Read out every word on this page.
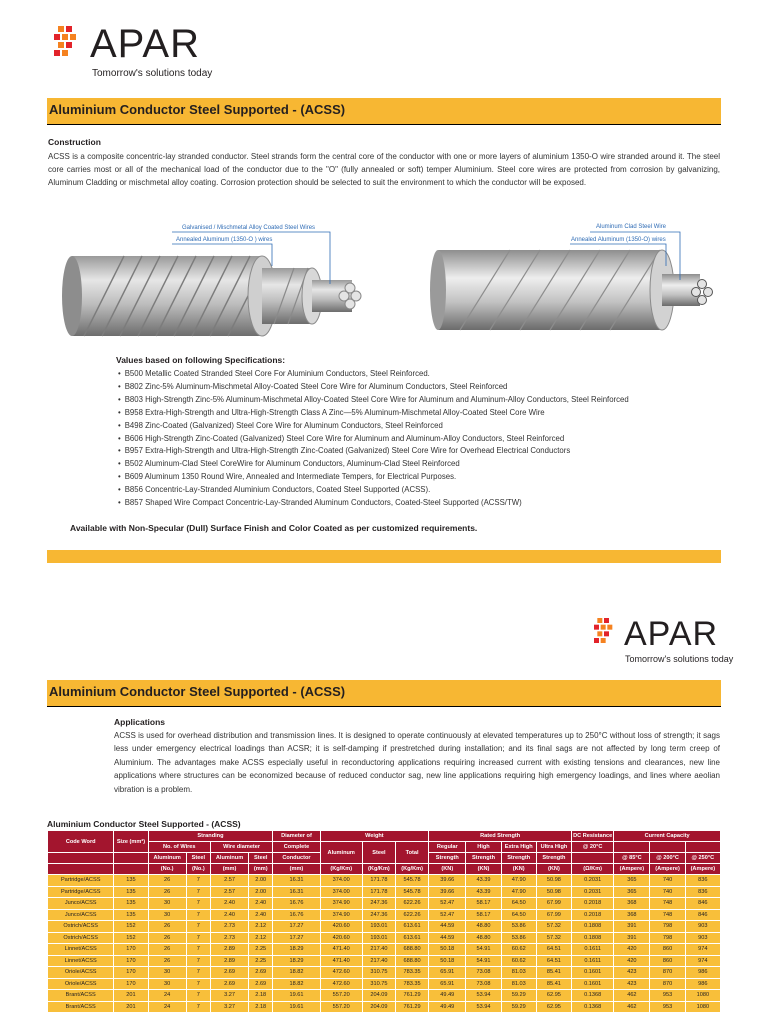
APAR
Tomorrow's solutions today
Aluminium Conductor Steel Supported - (ACSS)
Construction
ACSS is a composite concentric-lay stranded conductor. Steel strands form the central core of the conductor with one or more layers of aluminium 1350-O wire stranded around it. The steel core carries most or all of the mechanical load of the conductor due to the "O" (fully annealed or soft) temper Aluminium. Steel core wires are protected from corrosion by galvanizing, Aluminum Cladding or mischmetal alloy coating. Corrosion protection should be selected to suit the environment to which the conductor will be exposed.
Galvanised / Mischmetal Alloy Coated Steel Wires
Annealed Aluminum (1350-O ) wires
Aluminum Clad Steel Wire
Annealed Aluminum (1350-O) wires
Values based on following Specifications:
• B500 Metallic Coated Stranded Steel Core For Aluminium Conductors, Steel Reinforced.
• B802 Zinc-5% Aluminum-Mischmetal Alloy-Coated Steel Core Wire for Aluminum Conductors, Steel Reinforced
• B803 High-Strength Zinc-5% Aluminum-Mischmetal Alloy-Coated Steel Core Wire for Aluminum and Aluminum-Alloy Conductors, Steel Reinforced
• B958 Extra-High-Strength and Ultra-High-Strength Class A Zinc—5% Aluminum-Mischmetal Alloy-Coated Steel Core Wire
• B498 Zinc-Coated (Galvanized) Steel Core Wire for Aluminum Conductors, Steel Reinforced
• B606 High-Strength Zinc-Coated (Galvanized) Steel Core Wire for Aluminum and Aluminum-Alloy Conductors, Steel Reinforced
• B957 Extra-High-Strength and Ultra-High-Strength Zinc-Coated (Galvanized) Steel Core Wire for Overhead Electrical Conductors
• B502 Aluminum-Clad Steel CoreWire for Aluminum Conductors, Aluminum-Clad Steel Reinforced
• B609 Aluminum 1350 Round Wire, Annealed and Intermediate Tempers, for Electrical Purposes.
• B856 Concentric-Lay-Stranded Aluminium Conductors, Coated Steel Supported (ACSS).
• B857 Shaped Wire Compact Concentric-Lay-Stranded Aluminum Conductors, Coated-Steel Supported (ACSS/TW)
Available with Non-Specular (Dull) Surface Finish and Color Coated as per customized requirements.
APAR
Tomorrow's solutions today
Aluminium Conductor Steel Supported - (ACSS)
Applications
ACSS is used for overhead distribution and transmission lines. It is designed to operate continuously at elevated temperatures up to 250°C without loss of strength; it sags less under emergency electrical loadings than ACSR; it is self-damping if prestretched during installation; and its final sags are not affected by long term creep of Aluminium. The advantages make ACSS especially useful in reconductoring applications requiring increased current with existing tensions and clearances, new line applications where structures can be economized because of reduced conductor sag, new line applications requiring high emergency loadings, and lines where aeolian vibration is a problem.
Aluminium Conductor Steel Supported - (ACSS)
Code Word	Size (mm²)	Stranding				Diameter of	Weight			Rated Strength				DC Resistance	Current Capacity		
		No. of Wires		Wire diameter		Complete	Aluminum	Steel	Total	Regular	High	Extra High	Ultra High	@ 20°C			
		Aluminum	Steel	Aluminum	Steel	Conductor				Strength	Strength	Strength	Strength		@ 85°C	@ 200°C	@ 250°C
		(No.)	(No.)	(mm)	(mm)	(mm)	(Kg/Km)	(Kg/Km)	(Kg/Km)	(KN)	(KN)	(KN)	(KN)	(Ω/Km)	(Ampere)	(Ampere)	(Ampere)
Partridge/ACSS	135	26	7	2.57	2.00	16.31	374.00	171.78	545.78	39.66	43.39	47.90	50.98	0.2031	365	740	836
Partridge/ACSS	135	26	7	2.57	2.00	16.31	374.00	171.78	545.78	39.66	43.39	47.90	50.98	0.2031	365	740	836
Junco/ACSS	135	30	7	2.40	2.40	16.76	374.90	247.36	622.26	52.47	58.17	64.50	67.99	0.2018	368	748	846
Junco/ACSS	135	30	7	2.40	2.40	16.76	374.90	247.36	622.26	52.47	58.17	64.50	67.99	0.2018	368	748	846
Ostrich/ACSS	152	26	7	2.73	2.12	17.27	420.60	193.01	613.61	44.59	48.80	53.86	57.32	0.1808	391	798	903
Ostrich/ACSS	152	26	7	2.73	2.12	17.27	420.60	193.01	613.61	44.59	48.80	53.86	57.32	0.1808	391	798	903
Linnet/ACSS	170	26	7	2.89	2.25	18.29	471.40	217.40	688.80	50.18	54.91	60.62	64.51	0.1611	420	860	974
Linnet/ACSS	170	26	7	2.89	2.25	18.29	471.40	217.40	688.80	50.18	54.91	60.62	64.51	0.1611	420	860	974
Oriole/ACSS	170	30	7	2.69	2.69	18.82	472.60	310.75	783.35	65.91	73.08	81.03	85.41	0.1601	423	870	986
Oriole/ACSS	170	30	7	2.69	2.69	18.82	472.60	310.75	783.35	65.91	73.08	81.03	85.41	0.1601	423	870	986
Brant/ACSS	201	24	7	3.27	2.18	19.61	557.20	204.09	761.29	49.49	53.94	59.29	62.95	0.1368	462	953	1080
Brant/ACSS	201	24	7	3.27	2.18	19.61	557.20	204.09	761.29	49.49	53.94	59.29	62.95	0.1368	462	953	1080
